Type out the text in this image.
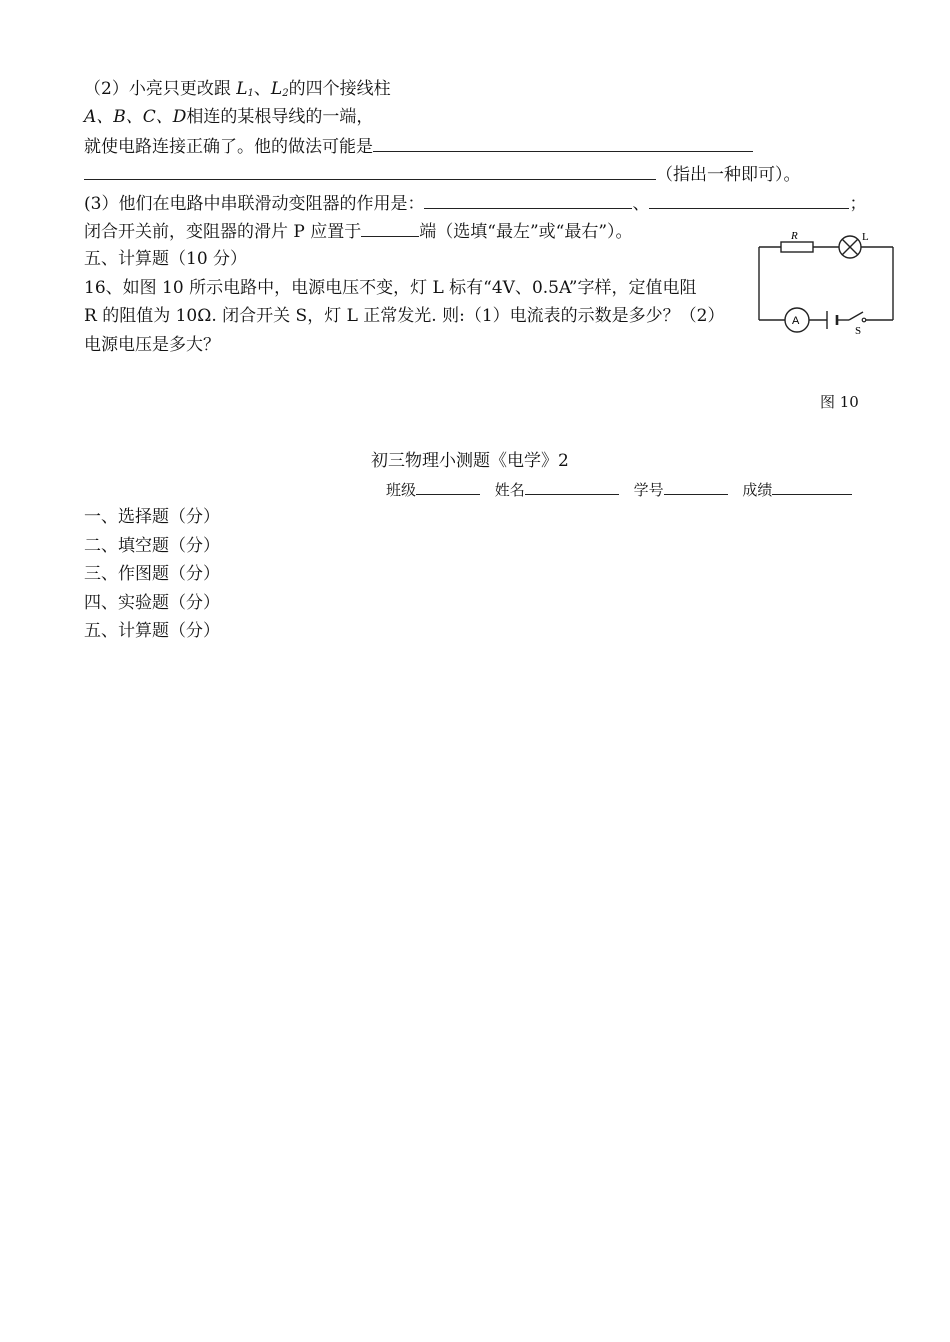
（2）小亮只更改跟 $L_1$、$L_2$的四个接线柱
A、B、C、D相连的某根导线的一端，
就使电路连接正确了。他的做法可能是
（指出一种即可）。
(3）他们在电路中串联滑动变阻器的作用是：	、	；
闭合开关前，变阻器的滑片 P 应置于	端（选填“最左”或“最右”）。
五、计算题（10 分）
16、如图 10 所示电路中，电源电压不变，灯 L 标有“4V、0.5A”字样，定值电阻
R 的阻值为 10Ω. 闭合开关 S，灯 L 正常发光. 则:（1）电流表的示数是多少？（2）
电源电压是多大？
R	L
A
S
图 10
初三物理小测题《电学》2
班级	姓名	学号	成绩
一、选择题（分）
二、填空题（分）
三、作图题（分）
四、实验题（分）
五、计算题（分）
